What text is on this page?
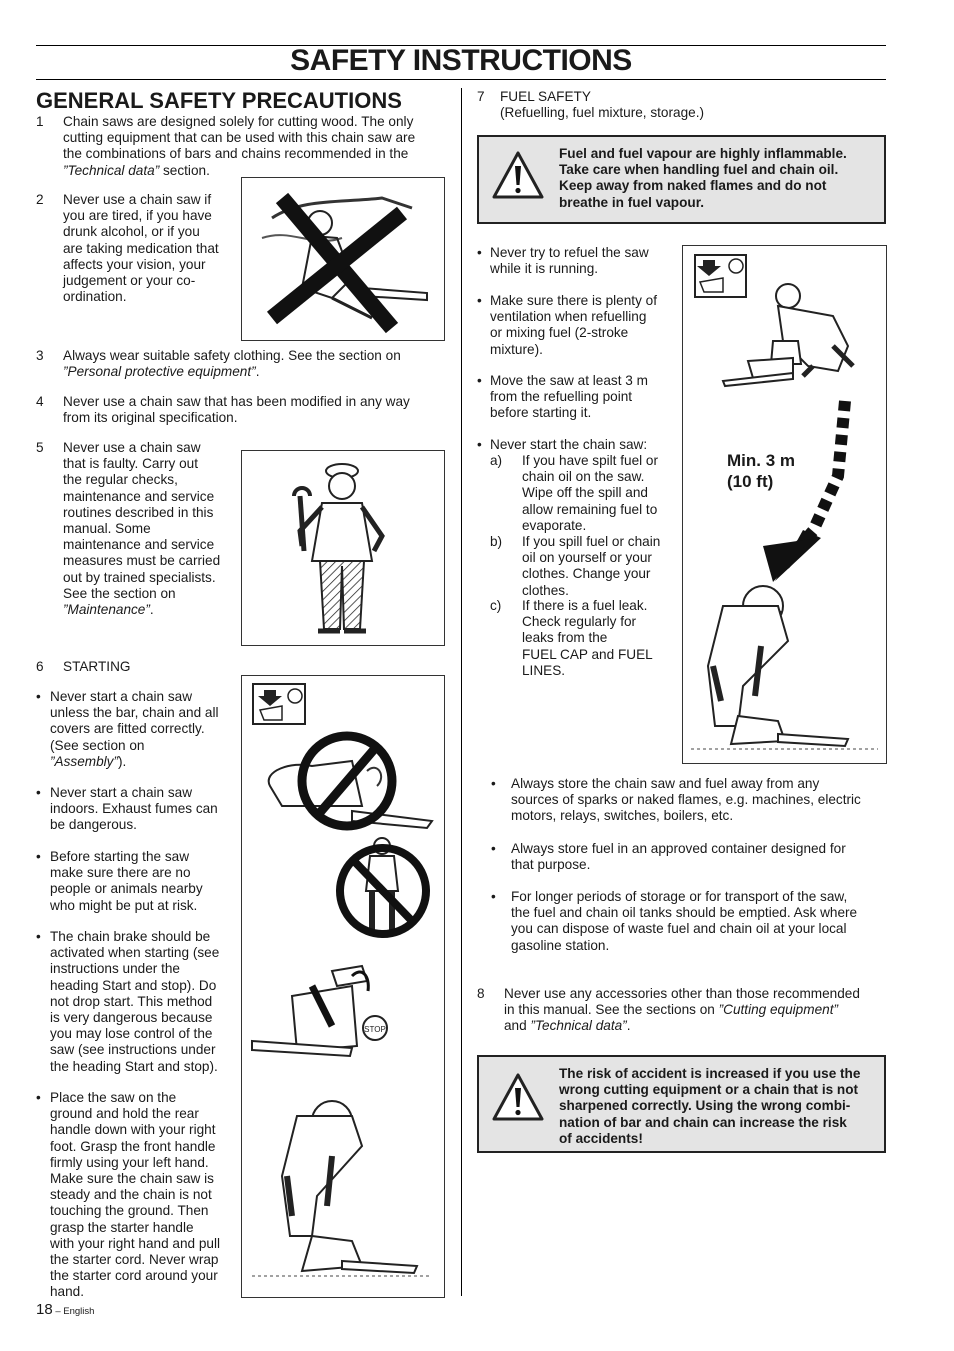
SAFETY INSTRUCTIONS
GENERAL SAFETY PRECAUTIONS
1 Chain saws are designed solely for cutting wood. The only
cutting equipment that can be used with this chain saw are
the combinations of bars and chains recommended in the
”Technical data” section.
2 Never use a chain saw if
you are tired, if you have
drunk alcohol, or if you
are taking medication that
affects your vision, your
judgement or your co-
ordination.
3 Always wear suitable safety clothing. See the section on
”Personal protective equipment”.
4 Never use a chain saw that has been modified in any way
from its original specification.
5 Never use a chain saw
that is faulty. Carry out
the regular checks,
maintenance and service
routines described in this
manual. Some
maintenance and service
measures must be carried
out by trained specialists.
See the section on
”Maintenance”.
6 STARTING
• Never start a chain saw
unless the bar, chain and all
covers are fitted correctly.
(See section on
”Assembly”).
• Never start a chain saw
indoors. Exhaust fumes can
be dangerous.
• Before starting the saw
make sure there are no
people or animals nearby
who might be put at risk.
• The chain brake should be
activated when starting (see
instructions under the
heading Start and stop). Do
not drop start. This method
is very dangerous because
you may lose control of the
saw (see instructions under
the heading Start and stop).
• Place the saw on the
ground and hold the rear
handle down with your right
foot. Grasp the front handle
firmly using your left hand.
Make sure the chain saw is
steady and the chain is not
touching the ground. Then
grasp the starter handle
with your right hand and pull
the starter cord. Never wrap
the starter cord around your
hand.
STOP
7 FUEL SAFETY
(Refuelling, fuel mixture, storage.)
Fuel and fuel vapour are highly inflammable.
Take care when handling fuel and chain oil.
Keep away from naked flames and do not
breathe in fuel vapour.
• Never try to refuel the saw
while it is running.
• Make sure there is plenty of
ventilation when refuelling
or mixing fuel (2-stroke
mixture).
• Move the saw at least 3 m
from the refuelling point
before starting it.
• Never start the chain saw:
a) If you have spilt fuel or
chain oil on the saw.
Wipe off the spill and
allow remaining fuel to
evaporate.
b) If you spill fuel or chain
oil on yourself or your
clothes. Change your
clothes.
c) If there is a fuel leak.
Check regularly for
leaks from the
FUEL CAP and FUEL
LINES.
Min. 3 m
(10 ft)
• Always store the chain saw and fuel away from any
sources of sparks or naked flames, e.g. machines, electric
motors, relays, switches, boilers, etc.
• Always store fuel in an approved container designed for
that purpose.
• For longer periods of storage or for transport of the saw,
the fuel and chain oil tanks should be emptied. Ask where
you can dispose of waste fuel and chain oil at your local
gasoline station.
8 Never use any accessories other than those recommended
in this manual. See the sections on ”Cutting equipment”
and ”Technical data”.
The risk of accident is increased if you use the
wrong cutting equipment or a chain that is not
sharpened correctly. Using the wrong combi-
nation of bar and chain can increase the risk
of accidents!
18 – English
